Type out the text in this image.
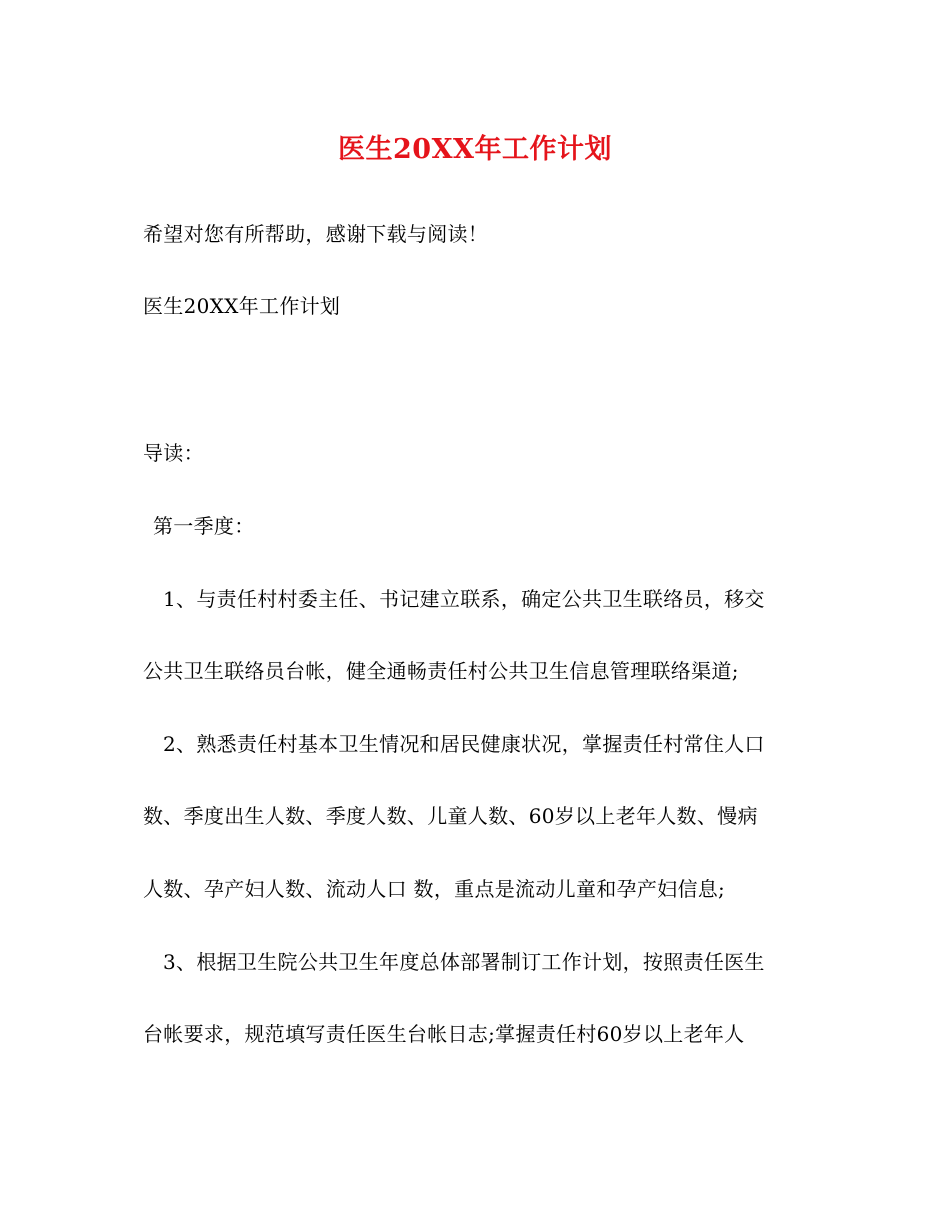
医生20XX年工作计划
希望对您有所帮助，感谢下载与阅读！
医生20XX年工作计划
导读：
第一季度：
1、与责任村村委主任、书记建立联系，确定公共卫生联络员，移交
公共卫生联络员台帐，健全通畅责任村公共卫生信息管理联络渠道;
2、熟悉责任村基本卫生情况和居民健康状况，掌握责任村常住人口
数、季度出生人数、季度人数、儿童人数、60岁以上老年人数、慢病
人数、孕产妇人数、流动人口 数，重点是流动儿童和孕产妇信息;
3、根据卫生院公共卫生年度总体部署制订工作计划，按照责任医生
台帐要求，规范填写责任医生台帐日志;掌握责任村60岁以上老年人
